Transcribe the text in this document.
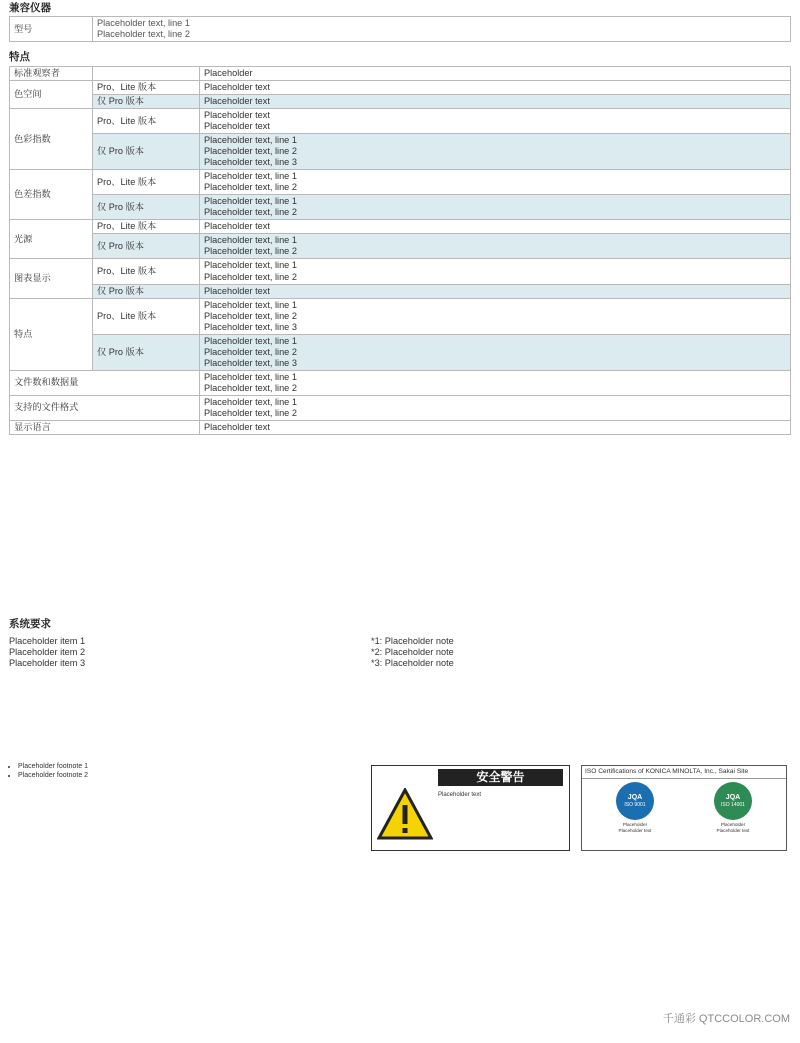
兼容仪器
型号	
Placeholder text, line 1
Placeholder text, line 2
特点
标准观察者		Placeholder
色空间	Pro、Lite 版本	Placeholder text
	仅 Pro 版本	Placeholder text
色彩指数	Pro、Lite 版本	Placeholder text
Placeholder text

	仅 Pro 版本	Placeholder text, line 1
Placeholder text, line 2
Placeholder text, line 3

色差指数	Pro、Lite 版本	Placeholder text, line 1
Placeholder text, line 2

	仅 Pro 版本	Placeholder text, line 1
Placeholder text, line 2

光源	Pro、Lite 版本	Placeholder text
	仅 Pro 版本	Placeholder text, line 1
Placeholder text, line 2

图表显示	Pro、Lite 版本	Placeholder text, line 1
Placeholder text, line 2

	仅 Pro 版本	Placeholder text
特点	Pro、Lite 版本	Placeholder text, line 1
Placeholder text, line 2
Placeholder text, line 3

	仅 Pro 版本	Placeholder text, line 1
Placeholder text, line 2
Placeholder text, line 3

文件数和数据量		Placeholder text, line 1
Placeholder text, line 2

支持的文件格式		Placeholder text, line 1
Placeholder text, line 2

显示语言		Placeholder text
系统要求
Placeholder item 1
Placeholder item 2
Placeholder item 3
*1: Placeholder note
*2: Placeholder note
*3: Placeholder note
• Placeholder footnote 1
• Placeholder footnote 2	安全警告
Placeholder text
ISO Certifications of KONICA MINOLTA, Inc., Sakai Site
JQA
ISO 9001
Placeholder
Placeholder text
JQA
ISO 14001
Placeholder
Placeholder text
千通彩 QTCCOLOR.COM
